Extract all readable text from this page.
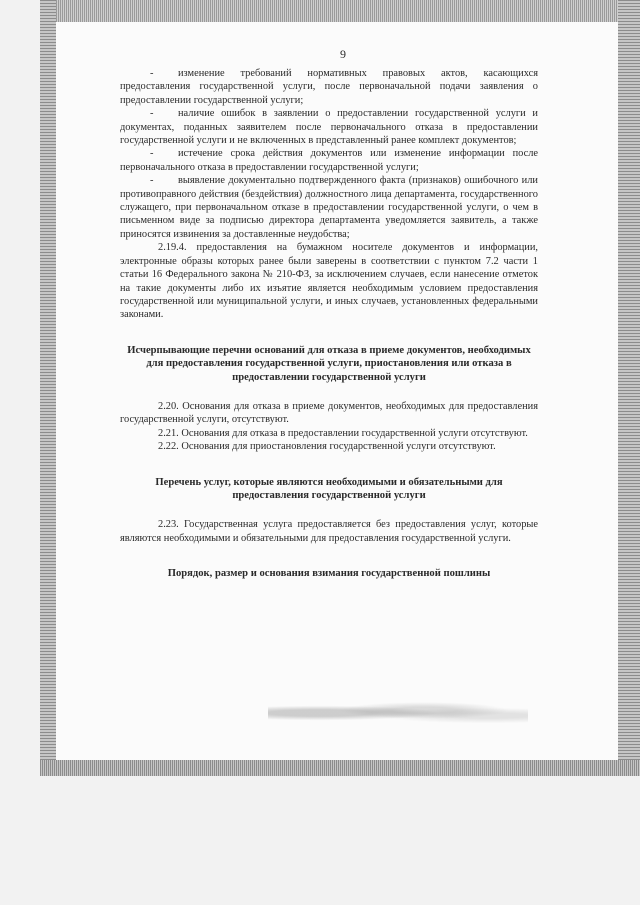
9

- изменение требований нормативных правовых актов, касающихся предоставления государственной услуги, после первоначальной подачи заявления о предоставлении государственной услуги;

- наличие ошибок в заявлении о предоставлении государственной услуги и документах, поданных заявителем после первоначального отказа в предоставлении государственной услуги и не включенных в представленный ранее комплект документов;

- истечение срока действия документов или изменение информации после первоначального отказа в предоставлении государственной услуги;

- выявление документально подтвержденного факта (признаков) ошибочного или противоправного действия (бездействия) должностного лица департамента, государственного служащего, при первоначальном отказе в предоставлении государственной услуги, о чем в письменном виде за подписью директора департамента уведомляется заявитель, а также приносятся извинения за доставленные неудобства;

2.19.4. предоставления на бумажном носителе документов и информации, электронные образы которых ранее были заверены в соответствии с пунктом 7.2 части 1 статьи 16 Федерального закона № 210-ФЗ, за исключением случаев, если нанесение отметок на такие документы либо их изъятие является необходимым условием предоставления государственной или муниципальной услуги, и иных случаев, установленных федеральными законами.

Исчерпывающие перечни оснований для отказа в приеме документов, необходимых для предоставления государственной услуги, приостановления или отказа в предоставлении государственной услуги

2.20. Основания для отказа в приеме документов, необходимых для предоставления государственной услуги, отсутствуют.

2.21. Основания для отказа в предоставлении государственной услуги отсутствуют.

2.22. Основания для приостановления государственной услуги отсутствуют.

Перечень услуг, которые являются необходимыми и обязательными для предоставления государственной услуги

2.23. Государственная услуга предоставляется без предоставления услуг, которые являются необходимыми и обязательными для предоставления государственной услуги.

Порядок, размер и основания взимания государственной пошлины
